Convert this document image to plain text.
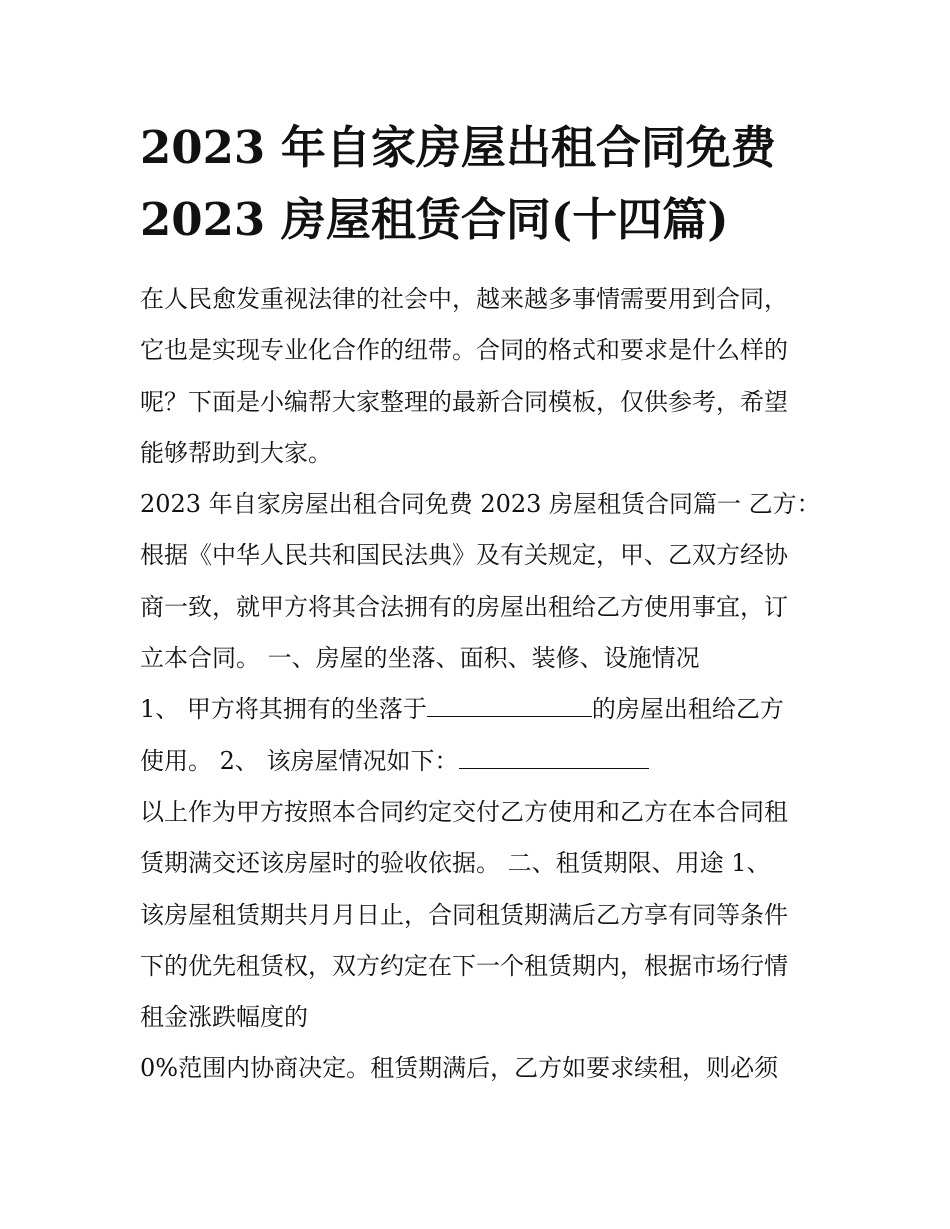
2023 年自家房屋出租合同免费
2023 房屋租赁合同(十四篇)
在人民愈发重视法律的社会中，越来越多事情需要用到合同，
它也是实现专业化合作的纽带。合同的格式和要求是什么样的
呢？下面是小编帮大家整理的最新合同模板，仅供参考，希望
能够帮助到大家。
2023 年自家房屋出租合同免费 2023 房屋租赁合同篇一 乙方：
根据《中华人民共和国民法典》及有关规定，甲、乙双方经协
商一致，就甲方将其合法拥有的房屋出租给乙方使用事宜，订
立本合同。 一、房屋的坐落、面积、装修、设施情况
1、 甲方将其拥有的坐落于	的房屋出租给乙方
使用。 2、 该房屋情况如下：
以上作为甲方按照本合同约定交付乙方使用和乙方在本合同租
赁期满交还该房屋时的验收依据。 二、租赁期限、用途 1、
该房屋租赁期共月月日止，合同租赁期满后乙方享有同等条件
下的优先租赁权，双方约定在下一个租赁期内，根据市场行情
租金涨跌幅度的
0%范围内协商决定。租赁期满后，乙方如要求续租，则必须
